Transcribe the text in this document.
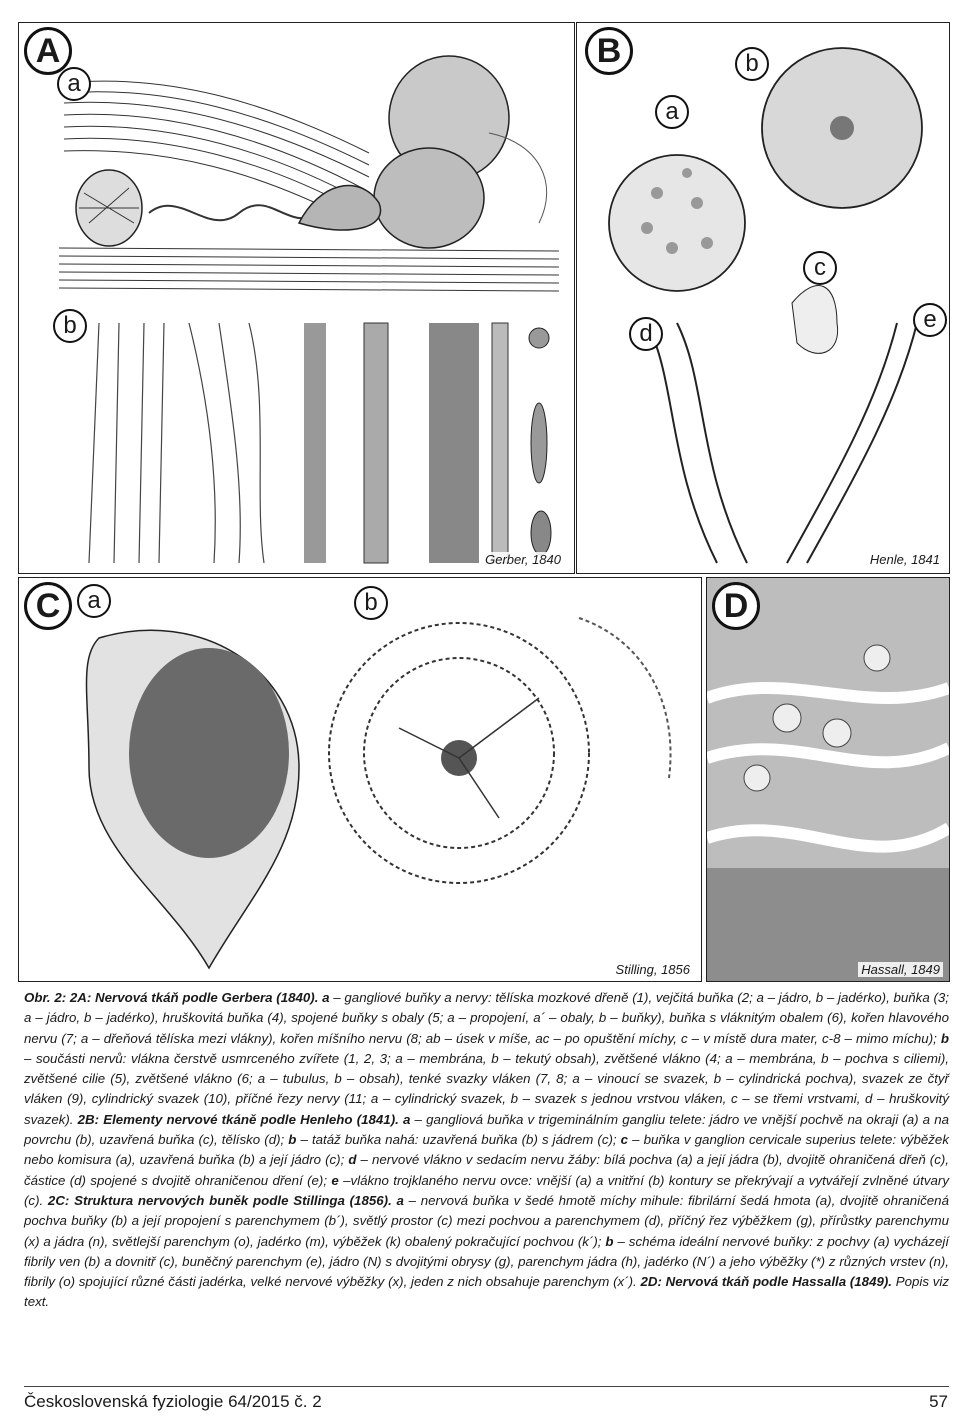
A
a
b
Gerber, 1840
B
a
b
c
d
e
Henle, 1841
C	a	b
Stilling, 1856
D
Hassall, 1849
Obr. 2: 2A: Nervová tkáň podle Gerbera (1840). a – gangliové buňky a nervy: tělíska mozkové dřeně (1), vejčitá buňka (2; a – jádro, b – jadérko), buňka (3; a – jádro, b – jadérko), hruškovitá buňka (4), spojené buňky s obaly (5; a – propojení, a´ – obaly, b – buňky), buňka s vláknitým obalem (6), kořen hlavového nervu (7; a – dřeňová tělíska mezi vlákny), kořen míšního nervu (8; ab – úsek v míše, ac – po opuštění míchy, c – v místě dura mater, c-8 – mimo míchu); b – součásti nervů: vlákna čerstvě usmrceného zvířete (1, 2, 3; a – membrána, b – tekutý obsah), zvětšené vlákno (4; a – membrána, b – pochva s ciliemi), zvětšené cilie (5), zvětšené vlákno (6; a – tubulus, b – obsah), tenké svazky vláken (7, 8; a – vinoucí se svazek, b – cylindrická pochva), svazek ze čtyř vláken (9), cylindrický svazek (10), příčné řezy nervy (11; a – cylindrický svazek, b – svazek s jednou vrstvou vláken, c – se třemi vrstvami, d – hruškovitý svazek). 2B: Elementy nervové tkáně podle Henleho (1841). a – gangliová buňka v trigeminálním gangliu telete: jádro ve vnější pochvě na okraji (a) a na povrchu (b), uzavřená buňka (c), tělísko (d); b – tatáž buňka nahá: uzavřená buňka (b) s jádrem (c); c – buňka v ganglion cervicale superius telete: výběžek nebo komisura (a), uzavřená buňka (b) a její jádro (c); d – nervové vlákno v sedacím nervu žáby: bílá pochva (a) a její jádra (b), dvojitě ohraničená dřeň (c), částice (d) spojené s dvojitě ohraničenou dření (e); e –vlákno trojklaného nervu ovce: vnější (a) a vnitřní (b) kontury se překrývají a vytvářejí zvlněné útvary (c). 2C: Struktura nervových buněk podle Stillinga (1856). a – nervová buňka v šedé hmotě míchy mihule: fibrilární šedá hmota (a), dvojitě ohraničená pochva buňky (b) a její propojení s parenchymem (b´), světlý prostor (c) mezi pochvou a parenchymem (d), příčný řez výběžkem (g), přírůstky parenchymu (x) a jádra (n), světlejší parenchym (o), jadérko (m), výběžek (k) obalený pokračující pochvou (k´); b – schéma ideální nervové buňky: z pochvy (a) vycházejí fibrily ven (b) a dovnitř (c), buněčný parenchym (e), jádro (N) s dvojitými obrysy (g), parenchym jádra (h), jadérko (N´) a jeho výběžky (*) z různých vrstev (n), fibrily (o) spojující různé části jadérka, velké nervové výběžky (x), jeden z nich obsahuje parenchym (x´). 2D: Nervová tkáň podle Hassalla (1849). Popis viz text.
Československá fyziologie 64/2015 č. 2	57
